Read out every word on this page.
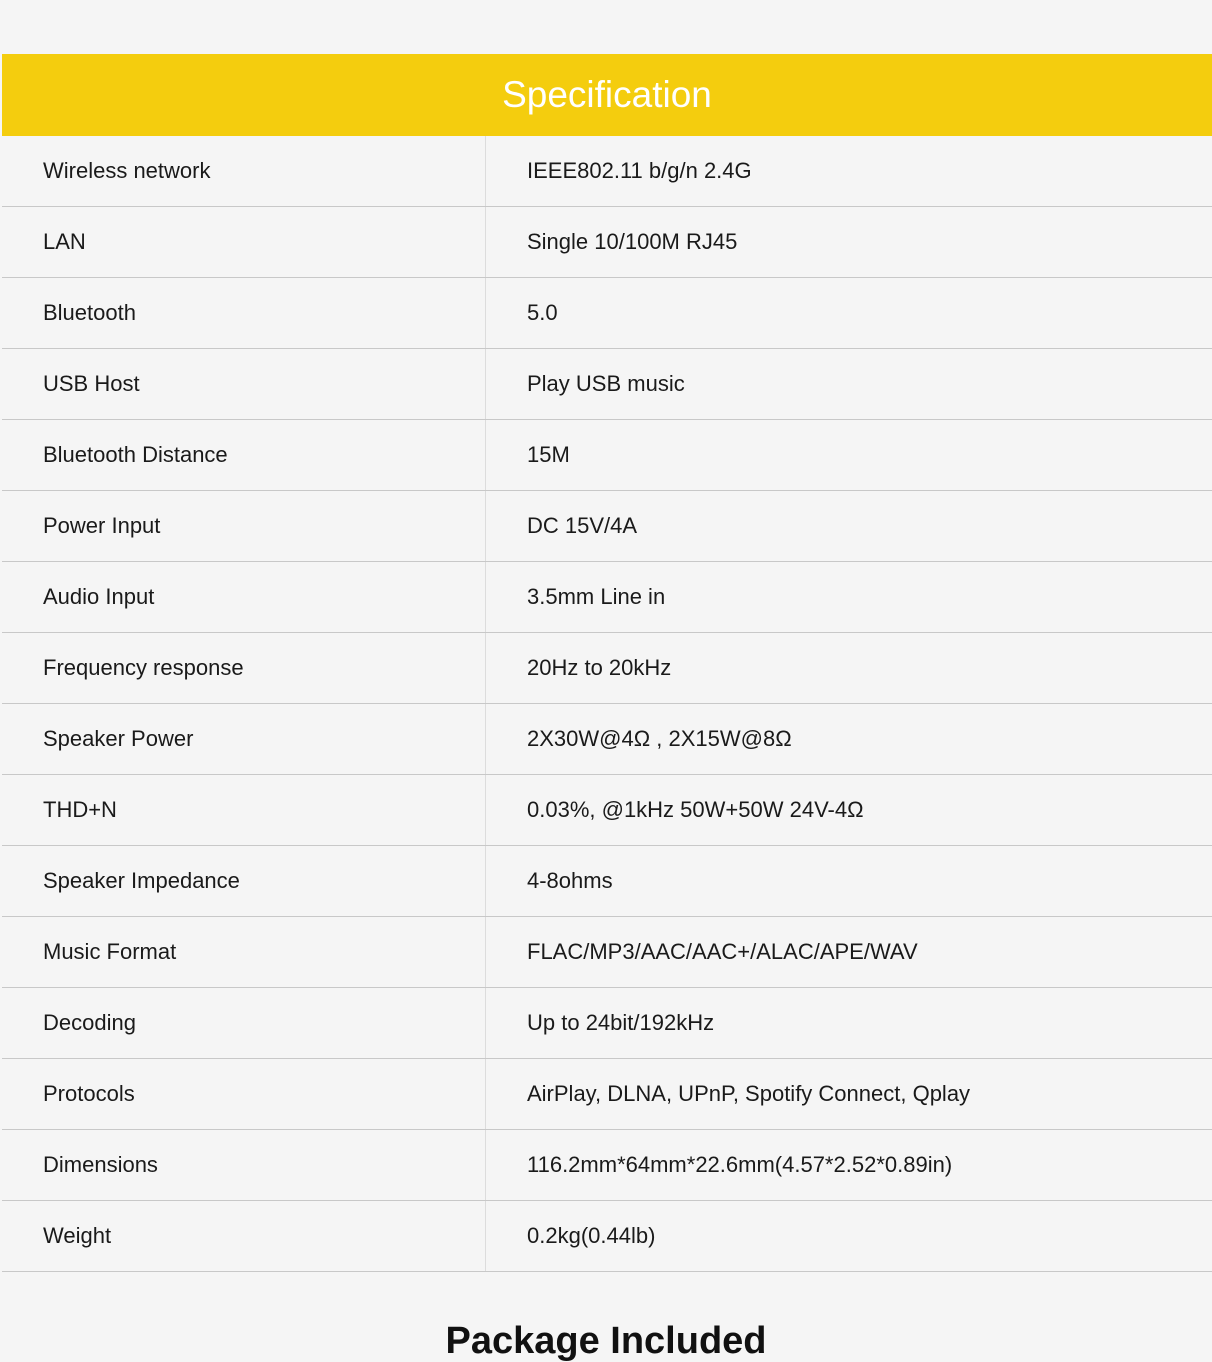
Specification
Wireless network	IEEE802.11 b/g/n 2.4G
LAN	Single 10/100M RJ45
Bluetooth	5.0
USB Host	Play USB music
Bluetooth Distance	15M
Power Input	DC 15V/4A
Audio Input	3.5mm Line in
Frequency response	20Hz to 20kHz
Speaker Power	2X30W@4Ω , 2X15W@8Ω
THD+N	0.03%, @1kHz 50W+50W 24V-4Ω
Speaker Impedance	4-8ohms
Music Format	FLAC/MP3/AAC/AAC+/ALAC/APE/WAV
Decoding	Up to 24bit/192kHz
Protocols	AirPlay, DLNA, UPnP, Spotify Connect, Qplay
Dimensions	116.2mm*64mm*22.6mm(4.57*2.52*0.89in)
Weight	0.2kg(0.44lb)
Package Included
